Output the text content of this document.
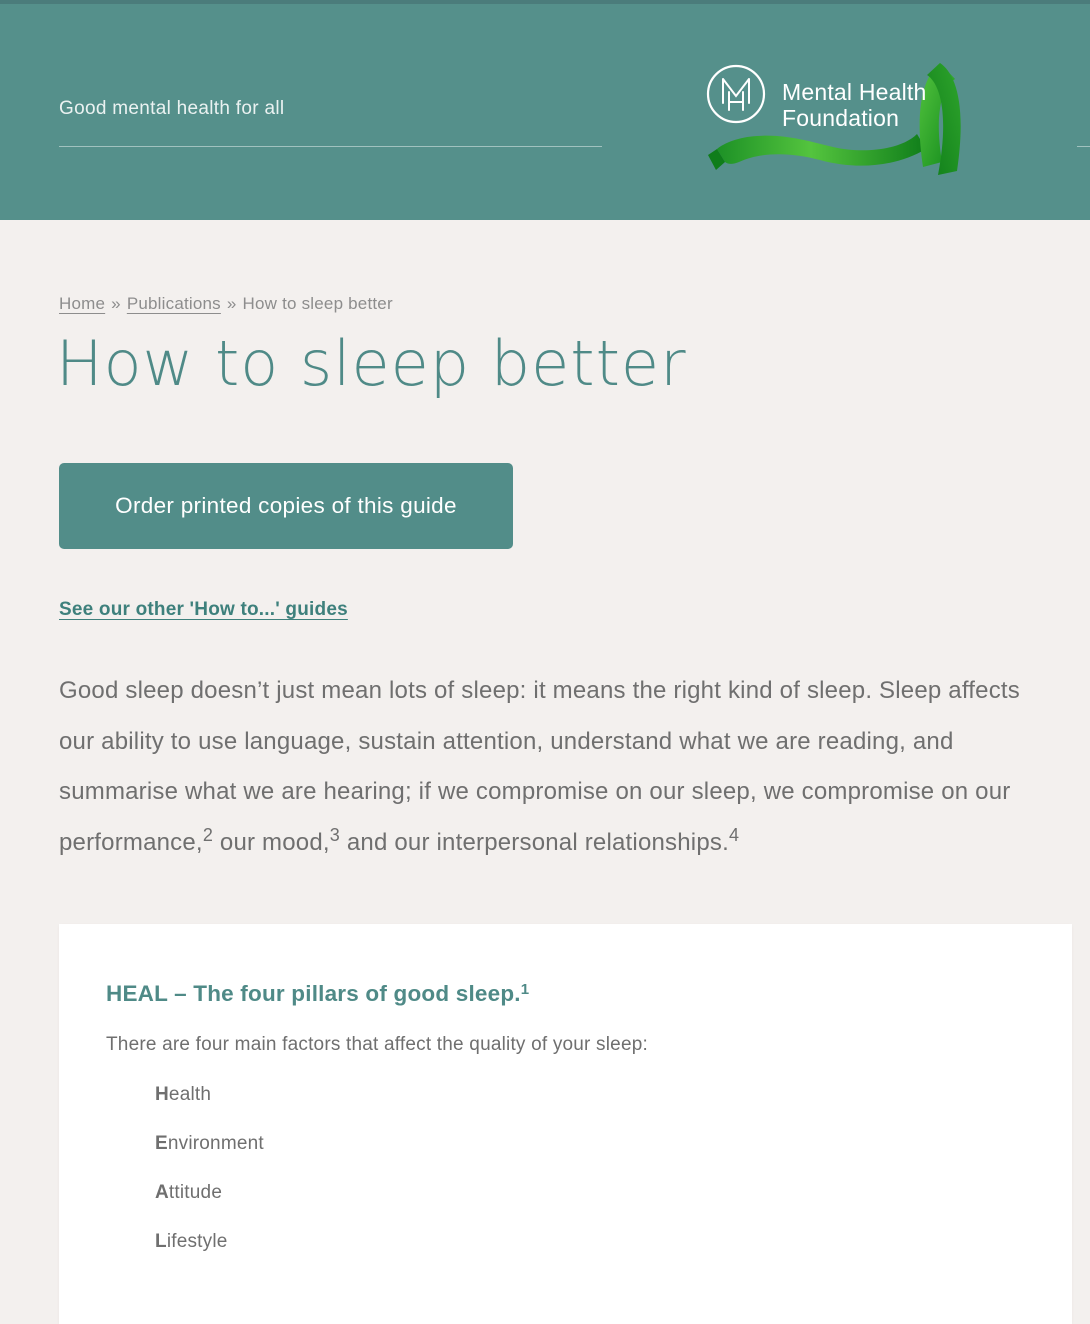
Good mental health for all
Mental Health
Foundation
Home » Publications » How to sleep better
How to sleep better
Order printed copies of this guide
See our other 'How to...' guides

Good sleep doesn’t just mean lots of sleep: it means the right kind of sleep. Sleep affects our ability to use language, sustain attention, understand what we are reading, and summarise what we are hearing; if we compromise on our sleep, we compromise on our performance,$^2$ our mood,$^3$ and our interpersonal relationships.$^4$

HEAL – The four pillars of good sleep.$^1$

There are four main factors that affect the quality of your sleep:

Health
Environment
Attitude
Lifestyle
